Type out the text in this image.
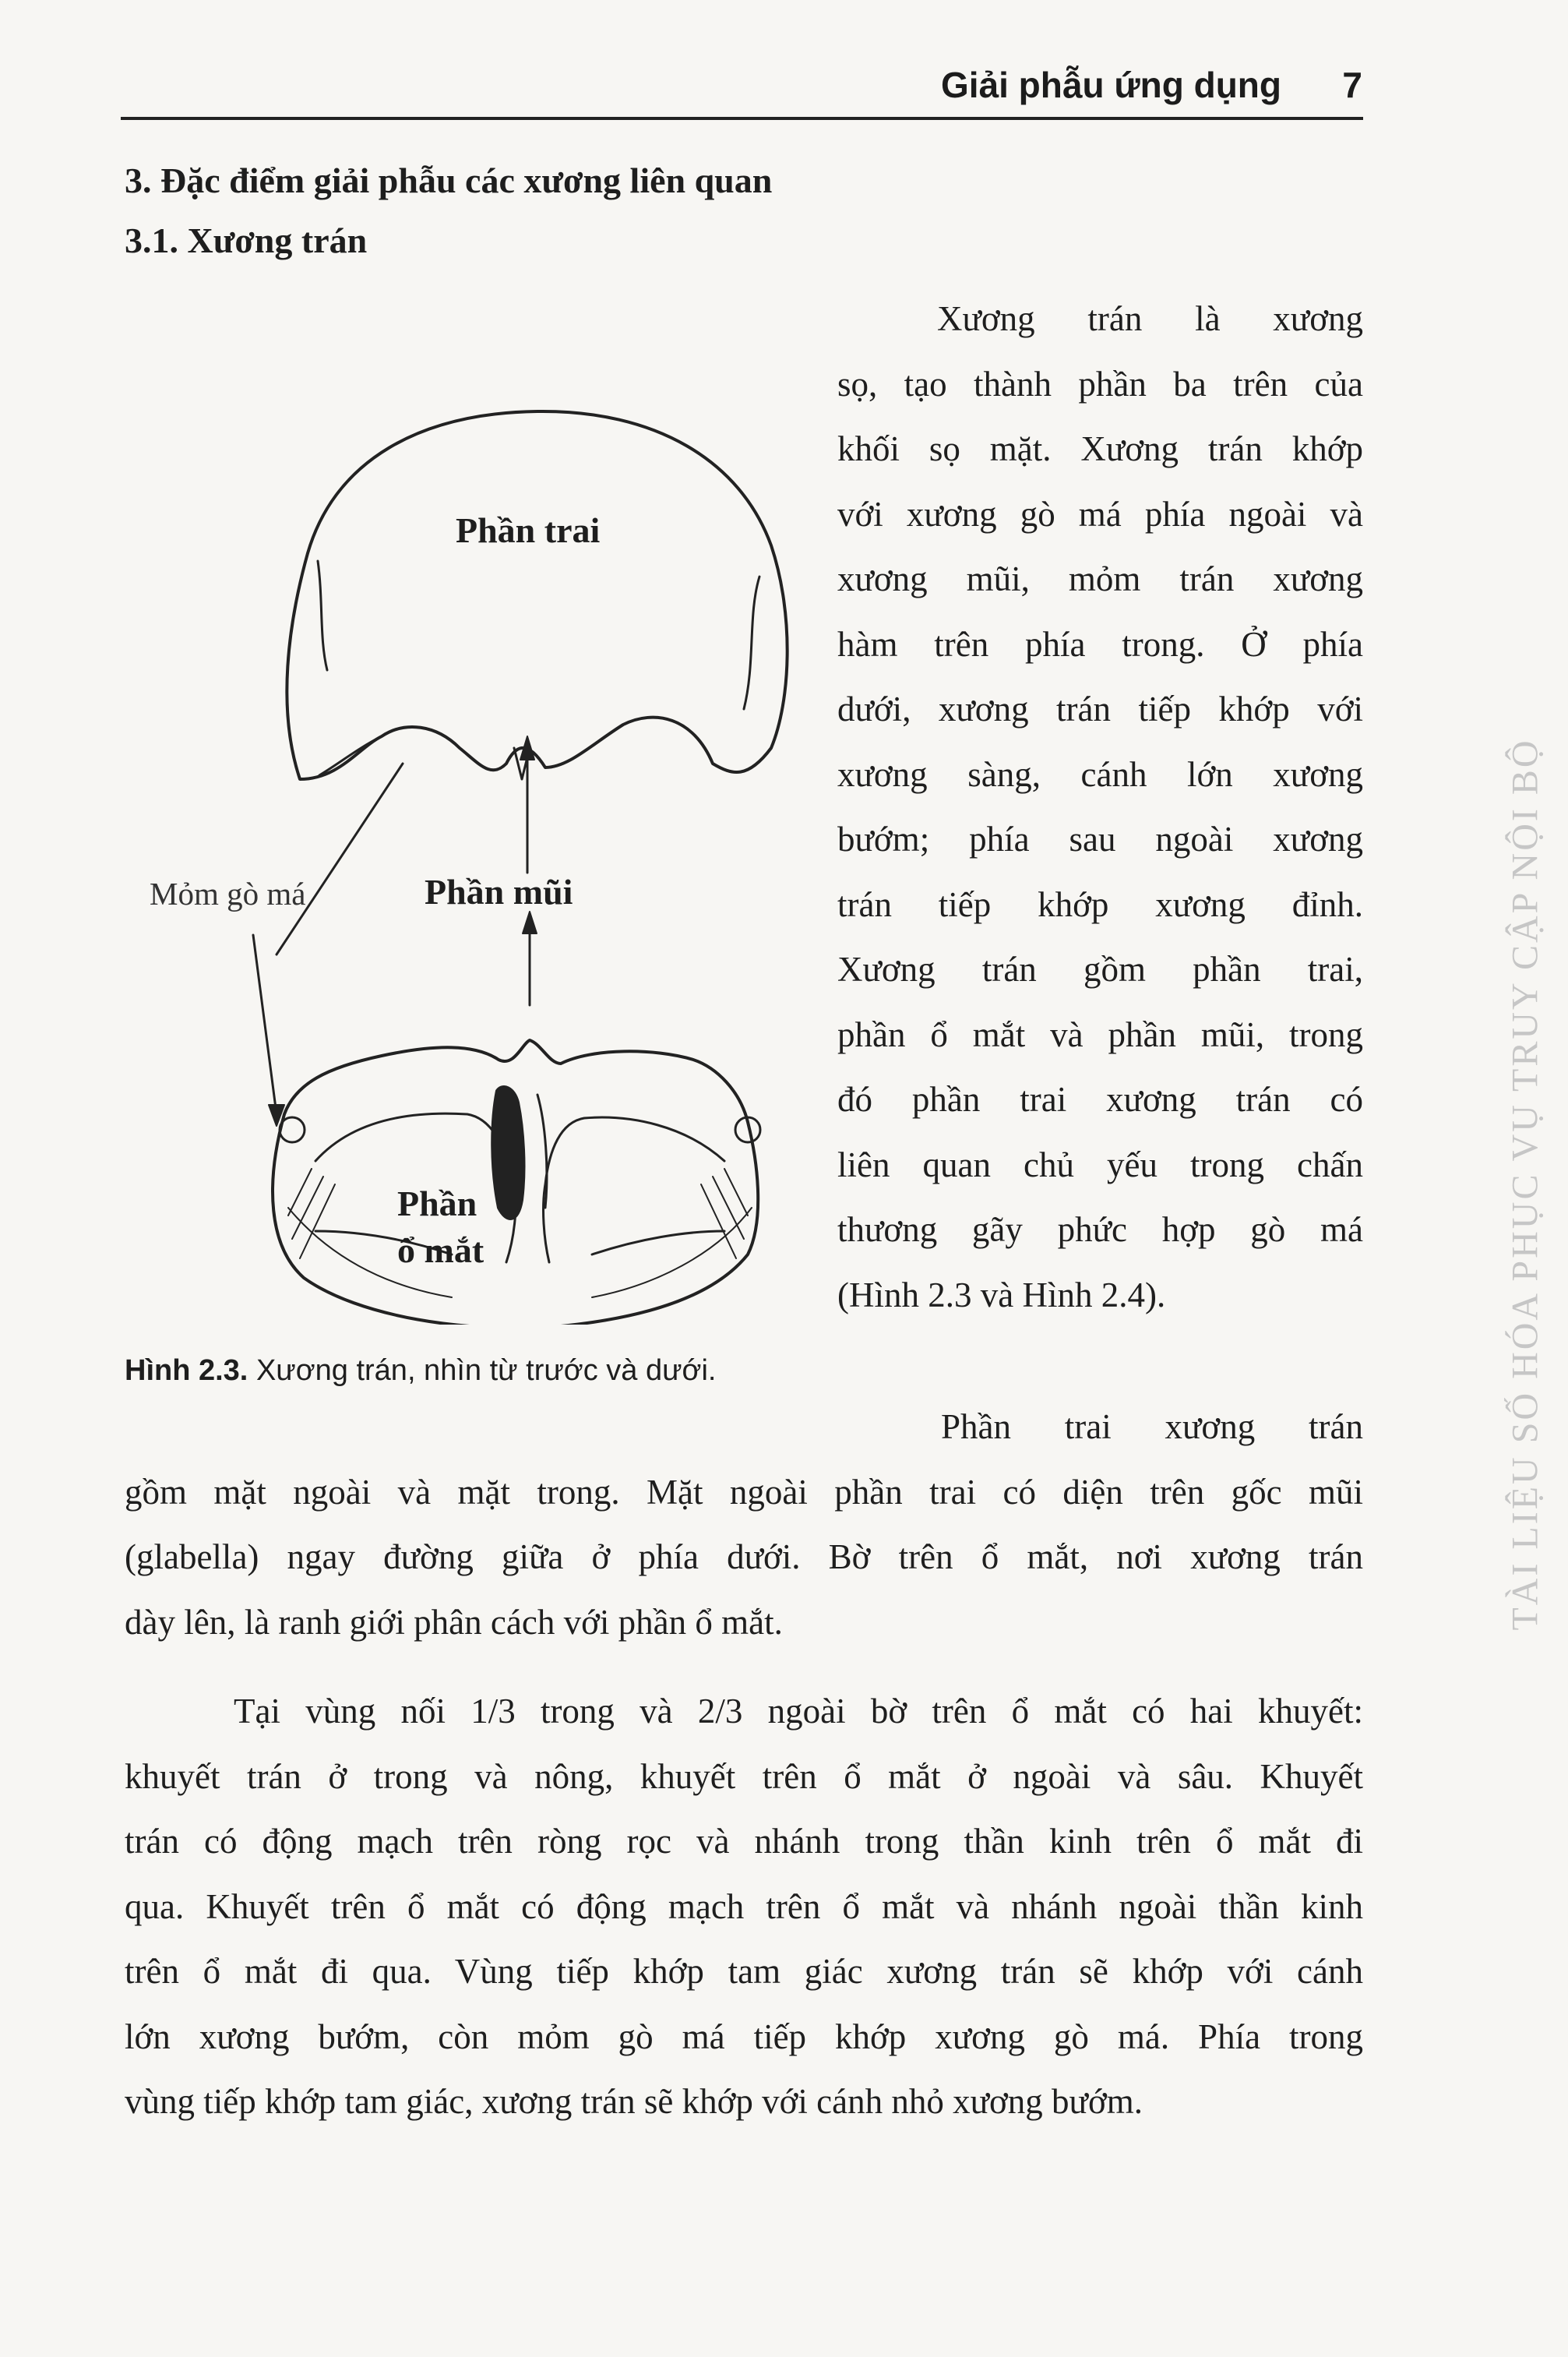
Giải phẫu ứng dụng 7
3. Đặc điểm giải phẫu các xương liên quan
3.1. Xương trán

Xương trán là xương

sọ, tạo thành phần ba trên của

khối sọ mặt. Xương trán khớp

với xương gò má phía ngoài và

xương mũi, mỏm trán xương

hàm trên phía trong. Ở phía

dưới, xương trán tiếp khớp với

xương sàng, cánh lớn xương

bướm; phía sau ngoài xương

trán tiếp khớp xương đỉnh.

Xương trán gồm phần trai,

phần ổ mắt và phần mũi, trong

đó phần trai xương trán có

liên quan chủ yếu trong chấn

thương gãy phức hợp gò má

(Hình 2.3 và Hình 2.4).

Phần trai
Mỏm gò má	Phần mũi
Phần
ổ mắt
Hình 2.3. Xương trán, nhìn từ trước và dưới.

Phần trai xương trán

gồm mặt ngoài và mặt trong. Mặt ngoài phần trai có diện trên gốc mũi

(glabella) ngay đường giữa ở phía dưới. Bờ trên ổ mắt, nơi xương trán

dày lên, là ranh giới phân cách với phần ổ mắt.

Tại vùng nối 1/3 trong và 2/3 ngoài bờ trên ổ mắt có hai khuyết:

khuyết trán ở trong và nông, khuyết trên ổ mắt ở ngoài và sâu. Khuyết

trán có động mạch trên ròng rọc và nhánh trong thần kinh trên ổ mắt đi

qua. Khuyết trên ổ mắt có động mạch trên ổ mắt và nhánh ngoài thần kinh

trên ổ mắt đi qua. Vùng tiếp khớp tam giác xương trán sẽ khớp với cánh

lớn xương bướm, còn mỏm gò má tiếp khớp xương gò má. Phía trong

vùng tiếp khớp tam giác, xương trán sẽ khớp với cánh nhỏ xương bướm.

TÀI LIỆU SỐ HÓA PHỤC VỤ TRUY CẬP NỘI BỘ
